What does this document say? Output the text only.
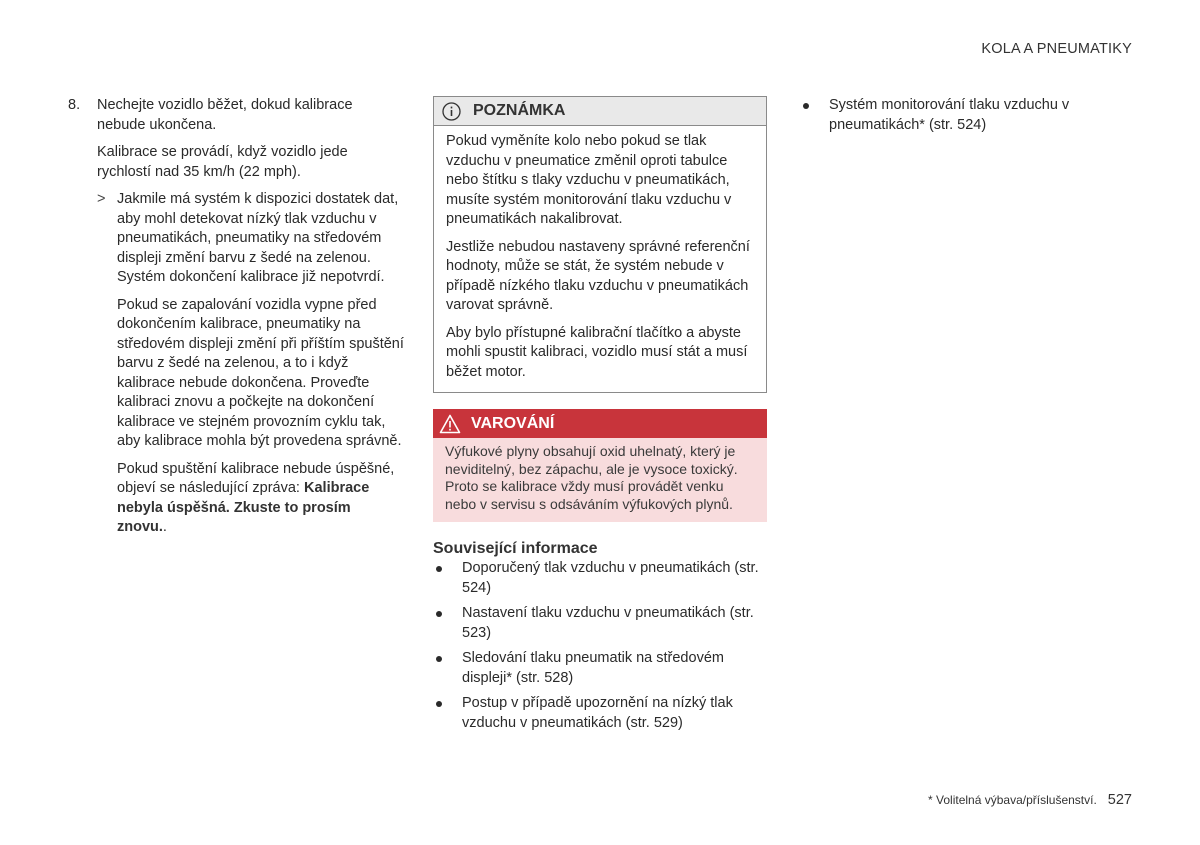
KOLA A PNEUMATIKY
8.	Nechejte vozidlo běžet, dokud kalibrace nebude ukončena.

Kalibrace se provádí, když vozidlo jede rychlostí nad 35 km/h (22 mph).

> Jakmile má systém k dispozici dostatek dat, aby mohl detekovat nízký tlak vzduchu v pneumatikách, pneumatiky na středovém displeji změní barvu z šedé na zelenou. Systém dokončení kalibrace již nepotvrdí.

Pokud se zapalování vozidla vypne před dokončením kalibrace, pneumatiky na středovém displeji změní při příštím spuštění barvu z šedé na zelenou, a to i když kalibrace nebude dokončena. Proveďte kalibraci znovu a počkejte na dokončení kalibrace ve stejném provozním cyklu tak, aby kalibrace mohla být provedena správně.

Pokud spuštění kalibrace nebude úspěšné, objeví se následující zpráva: Kalibrace nebyla úspěšná. Zkuste to prosím znovu..

POZNÁMKA

Pokud vyměníte kolo nebo pokud se tlak vzduchu v pneumatice změnil oproti tabulce nebo štítku s tlaky vzduchu v pneumatikách, musíte systém monitorování tlaku vzduchu v pneumatikách nakalibrovat.

Jestliže nebudou nastaveny správné referenční hodnoty, může se stát, že systém nebude v případě nízkého tlaku vzduchu v pneumatikách varovat správně.

Aby bylo přístupné kalibrační tlačítko a abyste mohli spustit kalibraci, vozidlo musí stát a musí běžet motor.

VAROVÁNÍ
Výfukové plyny obsahují oxid uhelnatý, který je neviditelný, bez zápachu, ale je vysoce toxický. Proto se kalibrace vždy musí provádět venku nebo v servisu s odsáváním výfukových plynů.
Související informace
Doporučený tlak vzduchu v pneumatikách (str. 524)
Nastavení tlaku vzduchu v pneumatikách (str. 523)
Sledování tlaku pneumatik na středovém displeji* (str. 528)
Postup v případě upozornění na nízký tlak vzduchu v pneumatikách (str. 529)
Systém monitorování tlaku vzduchu v pneumatikách* (str. 524)
* Volitelná výbava/příslušenství. 527
